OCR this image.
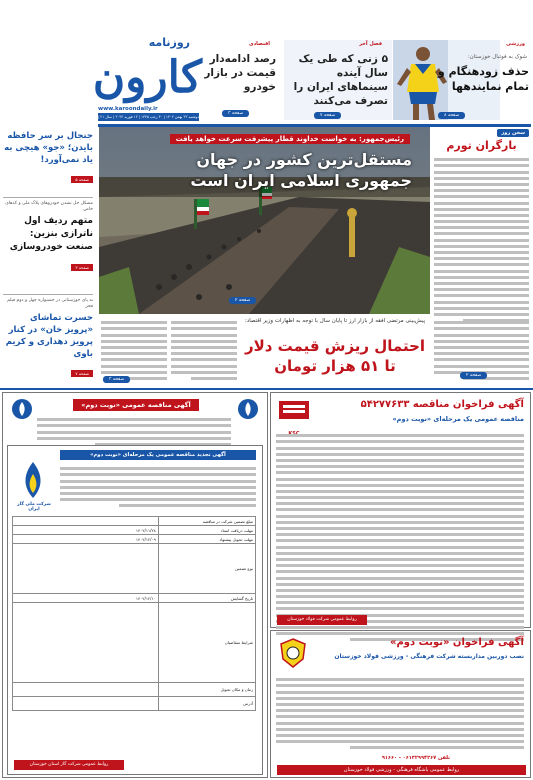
روزنامه
کارون
www.karoondaily.ir
دوشنبه ۲۲ بهمن ۱۴۰۲ | ۳۰ رجب ۱۴۴۵ | ۱۲ فوریه ۲۰۲۴ | سال ۲۱ | شماره ۳۸۷۸ | ۸ صفحه | ۴۰۰۰ تومان
اقتصادی
رصد ادامه‌دار قیمت در بازار خودرو
صفحه ۳
فصل آخر
۵ زنی که طی یک سال آینده سینماهای ایران را تصرف می‌کنند
صفحه ۷
ورزشی
شوک به فوتبال خوزستان:
حذف زودهنگام و تمام نمایندهها
صفحه ۸
جنجال بر سر حافظه بایدن؛ «جو» هیچی به یاد نمی‌آورد!
صفحه ۵
مشکل حل نشدن خودروهای پلاک ملی و کدهای خاص
متهم ردیف اول ناترازی بنزین: صنعت خودروسازی
صفحه ۳
به پای خوزستانی در جشنواره چهل و دوم فیلم فجر
حسرت تماشای «پرویز خان» در کنار پرویز دهداری و کریم باوی
صفحه ۷
رئیس‌جمهور: به خواست خداوند قطار پیشرفت سرعت خواهد یافت
مستقل‌ترین کشور در جهان جمهوری اسلامی ایران است
صفحه ۲
سخن روز
بارگران تورم
صفحه ۲
پیش‌بینی مرتضی افقه از بازار ارز تا پایان سال با توجه به اظهارات وزیر اقتصاد:
احتمال ریزش قیمت دلار تا ۵۱ هزار تومان
صفحه ۳
آگهی فراخوان مناقصه ۵۴۲۷۷۶۳۳
مناقصه عمومی یک مرحله‌ای «نوبت دوم»
روابط عمومی شرکت فولاد خوزستان
آگهی فراخوان «نوبت دوم»
نصب دوربین مداربسته شرکت فرهنگی - ورزشی فولاد خوزستان
تلفن ۰۶۱۳۲۹۹۴۲۶۷ - ۹۱۶۶۰
روابط عمومی باشگاه فرهنگی - ورزشی فولاد خوزستان
آگهی مناقصه عمومی «نوبت دوم»
شرکت ملی گاز ایران
آگهی تجدید مناقصه عمومی یک مرحله‌ای «نوبت دوم»
مبلغ تضمین شرکت در مناقصه	
مهلت دریافت اسناد	۱۴۰۲/۱۱/۲۸
مهلت تحویل پیشنهاد	۱۴۰۲/۱۲/۰۹
نوع تضمین	
تاریخ گشایش	۱۴۰۲/۱۲/۱۰
شرایط متقاضیان	
زمان و مکان تحویل	
آدرس	
روابط عمومی شرکت گاز استان خوزستان
